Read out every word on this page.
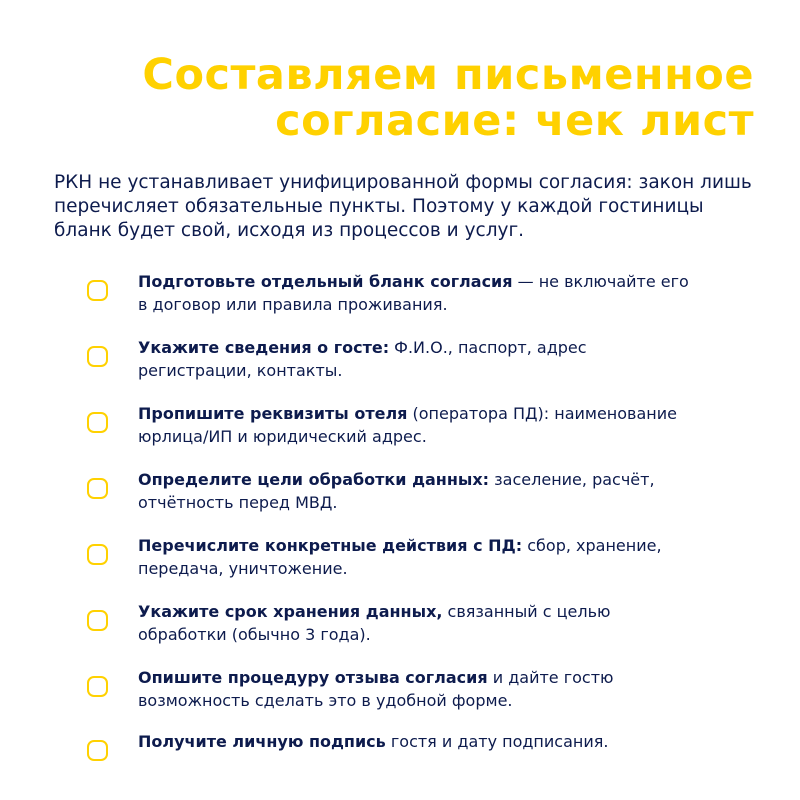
Составляем письменное
согласие: чек лист

РКН не устанавливает унифицированной формы согласия: закон лишь
перечисляет обязательные пункты. Поэтому у каждой гостиницы
бланк будет свой, исходя из процессов и услуг.

Подготовьте отдельный бланк согласия — не включайте его
в договор или правила проживания.

Укажите сведения о госте: Ф.И.О., паспорт, адрес
регистрации, контакты.

Пропишите реквизиты отеля (оператора ПД): наименование
юрлица/ИП и юридический адрес.

Определите цели обработки данных: заселение, расчёт,
отчётность перед МВД.

Перечислите конкретные действия с ПД: сбор, хранение,
передача, уничтожение.

Укажите срок хранения данных, связанный с целью
обработки (обычно 3 года).

Опишите процедуру отзыва согласия и дайте гостю
возможность сделать это в удобной форме.

Получите личную подпись гостя и дату подписания.
